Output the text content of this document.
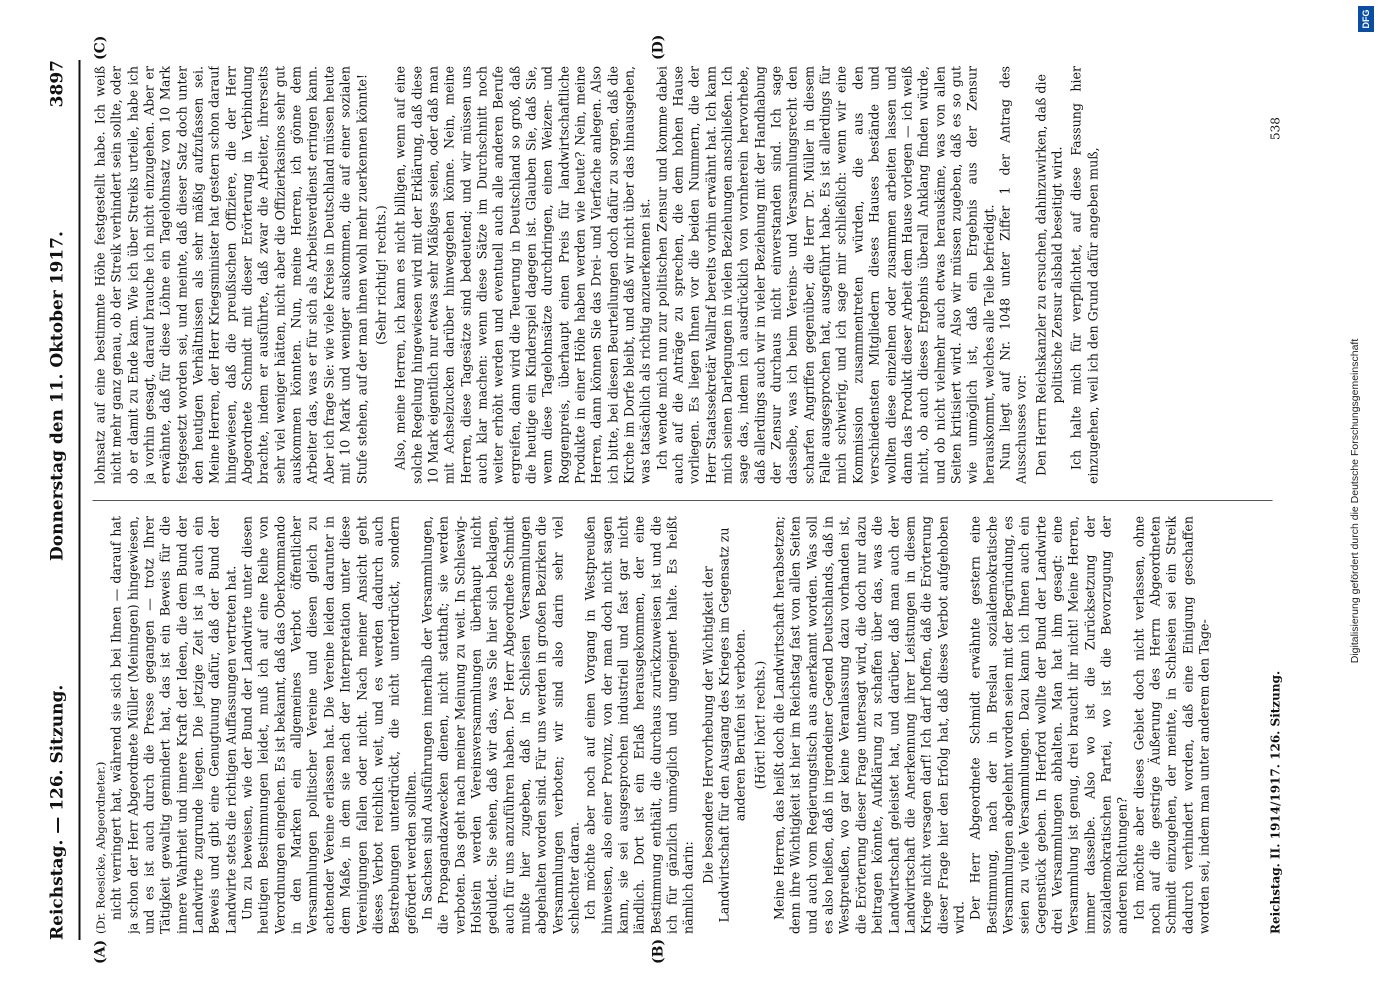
Reichstag. — 126. Sitzung.
Donnerstag den 11. Oktober 1917.
3897
(A)	(B)
(C)	(D)

(Dr. Roesicke, Abgeordneter.) nicht verringert hat, während sie sich bei Ihnen — darauf hat ja schon der Herr Abgeordnete Müller (Meiningen) hingewiesen, und es ist auch durch die Presse gegangen — trotz Ihrer Tätigkeit gewaltig gemindert hat, das ist ein Beweis für die innere Wahrheit und innere Kraft der Ideen, die dem Bund der Landwirte zugrunde liegen. Die jetzige Zeit ist ja auch ein Beweis und gibt eine Genugtuung dafür, daß der Bund der Landwirte stets die richtigen Auffassungen vertreten hat. Um zu beweisen, wie der Bund der Landwirte unter diesen heutigen Bestimmungen leidet, muß ich auf eine Reihe von Verordnungen eingehen. Es ist bekannt, daß das Oberkommando in den Marken ein allgemeines Verbot öffentlicher Versammlungen politischer Vereine und diesen gleich zu achtender Vereine erlassen hat. Die Vereine leiden darunter in dem Maße, in dem sie nach der Interpretation unter diese Vereinigungen fallen oder nicht. Nach meiner Ansicht geht dieses Verbot reichlich weit, und es werden dadurch auch Bestrebungen unterdrückt, die nicht unterdrückt, sondern gefördert werden sollten. In Sachsen sind Ausführungen innerhalb der Versammlungen, die Propagandazwecken dienen, nicht statthaft; sie werden verboten. Das geht nach meiner Meinung zu weit. In Schleswig-Holstein werden Vereinsversammlungen überhaupt nicht geduldet. Sie sehen, daß wir das, was Sie hier sich beklagen, auch für uns anzuführen haben. Der Herr Abgeordnete Schmidt mußte hier zugeben, daß in Schlesien Versammlungen abgehalten worden sind. Für uns werden in großen Bezirken die Versammlungen verboten; wir sind also darin sehr viel schlechter daran. Ich möchte aber noch auf einen Vorgang in Westpreußen hinweisen, also einer Provinz, von der man doch nicht sagen kann, sie sei ausgesprochen industriell und fast gar nicht ländlich. Dort ist ein Erlaß herausgekommen, der eine Bestimmung enthält, die durchaus zurückzuweisen ist und die ich für gänzlich unmöglich und ungeeignet halte. Es heißt nämlich darin:

Die besondere Hervorhebung der Wichtigkeit der Landwirtschaft für den Ausgang des Krieges im Gegensatz zu anderen Berufen ist verboten. (Hört! hört! rechts.) Meine Herren, das heißt doch die Landwirtschaft herabsetzen; denn ihre Wichtigkeit ist hier im Reichstag fast von allen Seiten und auch vom Regierungstisch aus anerkannt worden. Was soll es also heißen, daß in irgendeiner Gegend Deutschlands, daß in Westpreußen, wo gar keine Veranlassung dazu vorhanden ist, die Erörterung dieser Frage untersagt wird, die doch nur dazu beitragen könnte, Aufklärung zu schaffen über das, was die Landwirtschaft geleistet hat, und darüber, daß man auch der Landwirtschaft die Anerkennung ihrer Leistungen in diesem Kriege nicht versagen darf! Ich darf hoffen, daß die Erörterung dieser Frage hier den Erfolg hat, daß dieses Verbot aufgehoben wird. Der Herr Abgeordnete Schmidt erwähnte gestern eine Bestimmung, nach der in Breslau sozialdemokratische Versammlungen abgelehnt worden seien mit der Begründung, es seien zu viele Versammlungen. Dazu kann ich Ihnen auch ein Gegenstück geben. In Herford wollte der Bund der Landwirte drei Versammlungen abhalten. Man hat ihm gesagt: eine Versammlung ist genug, drei braucht ihr nicht! Meine Herren, immer dasselbe. Also wo ist die Zurücksetzung der sozialdemokratischen Partei, wo ist die Bevorzugung der anderen Richtungen? Ich möchte aber dieses Gebiet doch nicht verlassen, ohne noch auf die gestrige Äußerung des Herrn Abgeordneten Schmidt einzugehen, der meinte, in Schlesien sei ein Streik dadurch verhindert worden, daß eine Einigung geschaffen worden sei, indem man unter anderem den Tage-

lohnsatz auf eine bestimmte Höhe festgestellt habe. Ich weiß nicht mehr ganz genau, ob der Streik verhindert sein sollte, oder ob er damit zu Ende kam. Wie ich über Streiks urteile, habe ich ja vorhin gesagt, darauf brauche ich nicht einzugehen. Aber er erwähnte, daß für diese Löhne ein Tagelohnsatz von 10 Mark festgesetzt worden sei, und meinte, daß dieser Satz doch unter den heutigen Verhältnissen als sehr mäßig aufzufassen sei. Meine Herren, der Herr Kriegsminister hat gestern schon darauf hingewiesen, daß die preußischen Offiziere, die der Herr Abgeordnete Schmidt mit dieser Erörterung in Verbindung brachte, indem er ausführte, daß zwar die Arbeiter, ihrerseits sehr viel weniger hätten, nicht aber die Offizierkasinos sehr gut auskommen könnten. Nun, meine Herren, ich gönne dem Arbeiter das, was er für sich als Arbeitsverdienst erringen kann. Aber ich frage Sie: wie viele Kreise in Deutschland müssen heute mit 10 Mark und weniger auskommen, die auf einer sozialen Stufe stehen, auf der man ihnen wohl mehr zuerkennen könnte! (Sehr richtig! rechts.) Also, meine Herren, ich kann es nicht billigen, wenn auf eine solche Regelung hingewiesen wird mit der Erklärung, daß diese 10 Mark eigentlich nur etwas sehr Mäßiges seien, oder daß man mit Achselzucken darüber hinweggehen könne. Nein, meine Herren, diese Tagesätze sind bedeutend; und wir müssen uns auch klar machen: wenn diese Sätze im Durchschnitt noch weiter erhöht werden und eventuell auch alle anderen Berufe ergreifen, dann wird die Teuerung in Deutschland so groß, daß die heutige ein Kinderspiel dagegen ist. Glauben Sie, daß Sie, wenn diese Tagelohnsätze durchdringen, einen Weizen- und Roggenpreis, überhaupt einen Preis für landwirtschaftliche Produkte in einer Höhe haben werden wie heute? Nein, meine Herren, dann können Sie das Drei- und Vierfache anlegen. Also ich bitte, bei diesen Beurteilungen doch dafür zu sorgen, daß die Kirche im Dorfe bleibt, und daß wir nicht über das hinausgehen, was tatsächlich als richtig anzuerkennen ist. Ich wende mich nun zur politischen Zensur und komme dabei auch auf die Anträge zu sprechen, die dem hohen Hause vorliegen. Es liegen Ihnen vor die beiden Nummern, die der Herr Staatssekretär Wallraf bereits vorhin erwähnt hat. Ich kann mich seinen Darlegungen in vielen Beziehungen anschließen. Ich sage das, indem ich ausdrücklich von vornherein hervorhebe, daß allerdings auch wir in vieler Beziehung mit der Handhabung der Zensur durchaus nicht einverstanden sind. Ich sage dasselbe, was ich beim Vereins- und Versammlungsrecht den scharfen Angriffen gegenüber, die Herr Dr. Müller in diesem Falle ausgesprochen hat, ausgeführt habe. Es ist allerdings für mich schwierig, und ich sage mir schließlich: wenn wir eine Kommission zusammentreten würden, die aus den verschiedensten Mitgliedern dieses Hauses bestände und wollten diese einzelnen oder zusammen arbeiten lassen und dann das Produkt dieser Arbeit dem Hause vorlegen — ich weiß nicht, ob auch dieses Ergebnis überall Anklang finden würde, und ob nicht vielmehr auch etwas herauskäme, was von allen Seiten kritisiert wird. Also wir müssen zugeben, daß es so gut wie unmöglich ist, daß ein Ergebnis aus der Zensur herauskommt, welches alle Teile befriedigt. Nun liegt auf Nr. 1048 unter Ziffer 1 der Antrag des Ausschusses vor: Den Herrn Reichskanzler zu ersuchen, dahinzuwirken, daß die politische Zensur alsbald beseitigt wird. Ich halte mich für verpflichtet, auf diese Fassung hier einzugehen, weil ich den Grund dafür angeben muß,

Reichstag. II. 1914/1917. 126. Sitzung.
538
Digitalisierung gefördert durch die Deutsche Forschungsgemeinschaft
DFG
